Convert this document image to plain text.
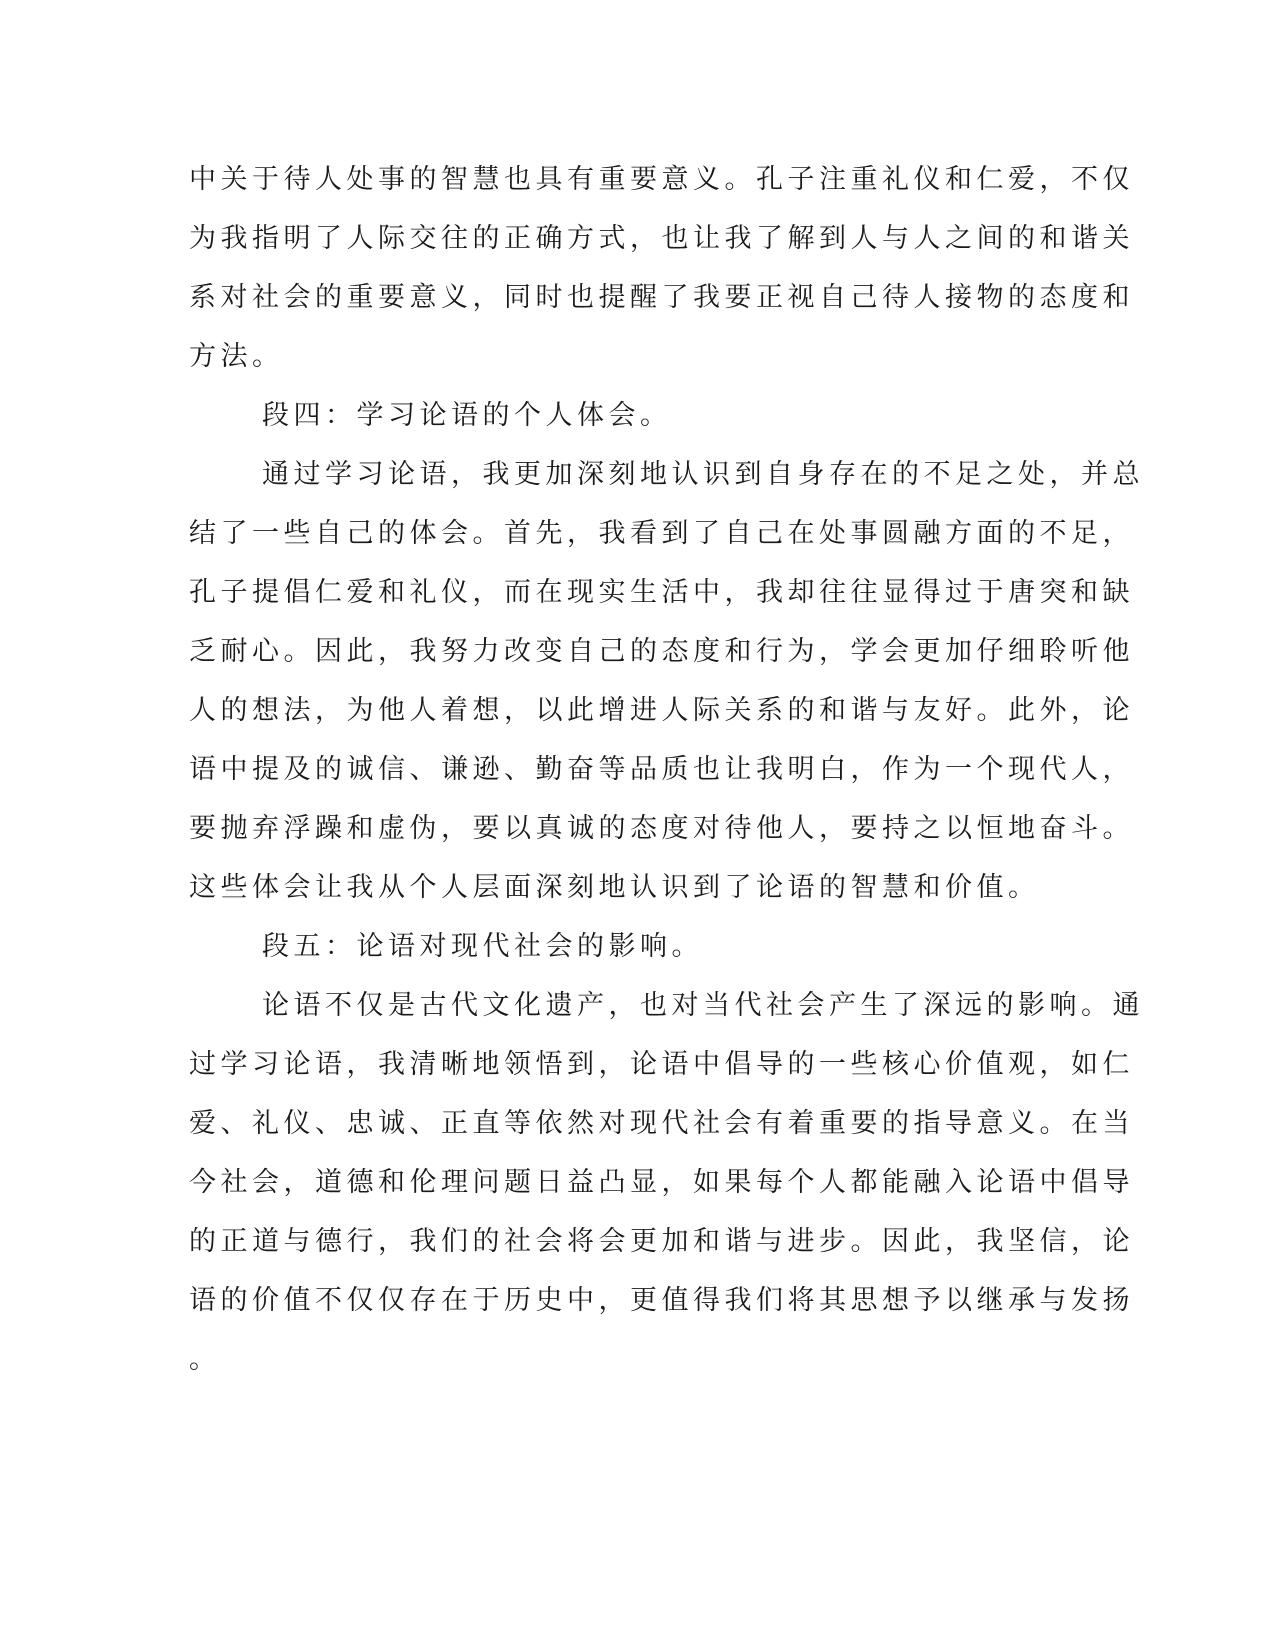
中关于待人处事的智慧也具有重要意义。孔子注重礼仪和仁爱，不仅
为我指明了人际交往的正确方式，也让我了解到人与人之间的和谐关
系对社会的重要意义，同时也提醒了我要正视自己待人接物的态度和
方法。
段四：学习论语的个人体会。
通过学习论语，我更加深刻地认识到自身存在的不足之处，并总
结了一些自己的体会。首先，我看到了自己在处事圆融方面的不足，
孔子提倡仁爱和礼仪，而在现实生活中，我却往往显得过于唐突和缺
乏耐心。因此，我努力改变自己的态度和行为，学会更加仔细聆听他
人的想法，为他人着想，以此增进人际关系的和谐与友好。此外，论
语中提及的诚信、谦逊、勤奋等品质也让我明白，作为一个现代人，
要抛弃浮躁和虚伪，要以真诚的态度对待他人，要持之以恒地奋斗。
这些体会让我从个人层面深刻地认识到了论语的智慧和价值。
段五：论语对现代社会的影响。
论语不仅是古代文化遗产，也对当代社会产生了深远的影响。通
过学习论语，我清晰地领悟到，论语中倡导的一些核心价值观，如仁
爱、礼仪、忠诚、正直等依然对现代社会有着重要的指导意义。在当
今社会，道德和伦理问题日益凸显，如果每个人都能融入论语中倡导
的正道与德行，我们的社会将会更加和谐与进步。因此，我坚信，论
语的价值不仅仅存在于历史中，更值得我们将其思想予以继承与发扬
。
